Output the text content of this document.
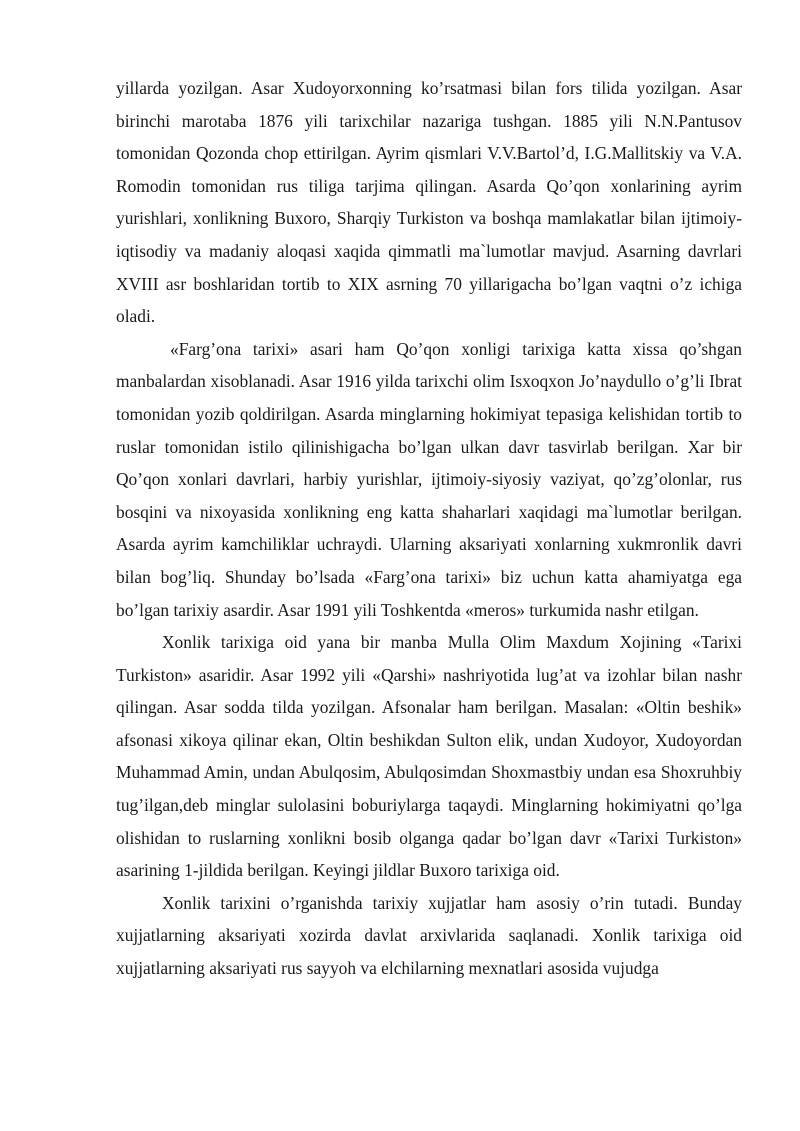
yillarda yozilgan. Asar Xudoyorxonning ko’rsatmasi bilan fors tilida yozilgan. Asar birinchi marotaba 1876 yili tarixchilar nazariga tushgan. 1885 yili N.N.Pantusov tomonidan Qozonda chop ettirilgan. Ayrim qismlari V.V.Bartol’d, I.G.Mallitskiy va V.A. Romodin tomonidan rus tiliga tarjima qilingan. Asarda Qo’qon xonlarining ayrim yurishlari, xonlikning Buxoro, Sharqiy Turkiston va boshqa mamlakatlar bilan ijtimoiy-iqtisodiy va madaniy aloqasi xaqida qimmatli ma`lumotlar mavjud. Asarning davrlari XVIII asr boshlaridan tortib to XIX asrning 70 yillarigacha bo’lgan vaqtni o’z ichiga oladi.

«Farg’ona tarixi» asari ham Qo’qon xonligi tarixiga katta xissa qo’shgan manbalardan xisoblanadi. Asar 1916 yilda tarixchi olim Isxoqxon Jo’naydullo o’g’li Ibrat tomonidan yozib qoldirilgan. Asarda minglarning hokimiyat tepasiga kelishidan tortib to ruslar tomonidan istilo qilinishigacha bo’lgan ulkan davr tasvirlab berilgan. Xar bir Qo’qon xonlari davrlari, harbiy yurishlar, ijtimoiy-siyosiy vaziyat, qo’zg’olonlar, rus bosqini va nixoyasida xonlikning eng katta shaharlari xaqidagi ma`lumotlar berilgan. Asarda ayrim kamchiliklar uchraydi. Ularning aksariyati xonlarning xukmronlik davri bilan bog’liq. Shunday bo’lsada «Farg’ona tarixi» biz uchun katta ahamiyatga ega bo’lgan tarixiy asardir. Asar 1991 yili Toshkentda «meros» turkumida nashr etilgan.

Xonlik tarixiga oid yana bir manba Mulla Olim Maxdum Xojining «Tarixi Turkiston» asaridir. Asar 1992 yili «Qarshi» nashriyotida lug’at va izohlar bilan nashr qilingan. Asar sodda tilda yozilgan. Afsonalar ham berilgan. Masalan: «Oltin beshik» afsonasi xikoya qilinar ekan, Oltin beshikdan Sulton elik, undan Xudoyor, Xudoyordan Muhammad Amin, undan Abulqosim, Abulqosimdan Shoxmastbiy undan esa Shoxruhbiy tug’ilgan,deb minglar sulolasini boburiylarga taqaydi. Minglarning hokimiyatni qo’lga olishidan to ruslarning xonlikni bosib olganga qadar bo’lgan davr «Tarixi Turkiston» asarining 1-jildida berilgan. Keyingi jildlar Buxoro tarixiga oid.

Xonlik tarixini o’rganishda tarixiy xujjatlar ham asosiy o’rin tutadi. Bunday xujjatlarning aksariyati xozirda davlat arxivlarida saqlanadi. Xonlik tarixiga oid xujjatlarning aksariyati rus sayyoh va elchilarning mexnatlari asosida vujudga
